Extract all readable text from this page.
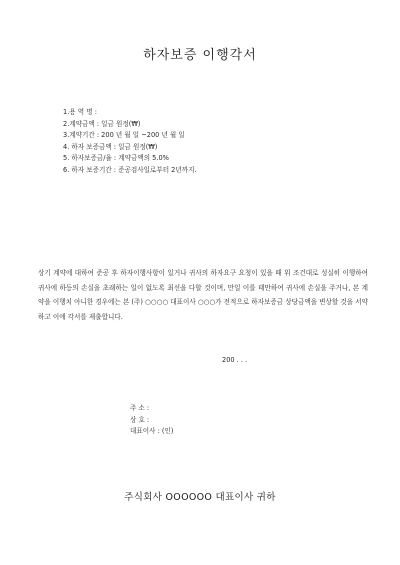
하자보증 이행각서
1.용 역 명 :
2.계약금액 : 일금 원정(₩)
3.계약기간 : 200 년 월 일 ~200 년 월 일
4. 하자 보증금액 : 일금 원정(₩)
5. 하자보증금/율 : 계약금액의 5.0%
6. 하자 보증기간 : 준공검사일로부터 2년까지.
상기 계약에 대하여 준공 후 하자이행사항이 있거나 귀사의 하자요구 요청이 있을 때 위 조건대로 성실히 이행하여 귀사에 하등의 손실을 초래하는 일이 없도록 최선을 다할 것이며, 만일 이를 태만하여 귀사에 손실을 주거나, 본 계약을 이행치 아니한 경우에는 본 (주) ○○○○ 대표이사 ○○○가 전적으로 하자보증금 상당금액을 변상할 것을 서약하고 이에 각서를 제출합니다.
200 . . .
주 소 :
상 호 :
대표이사 : (인)
주식회사 OOOOOO 대표이사 귀하
